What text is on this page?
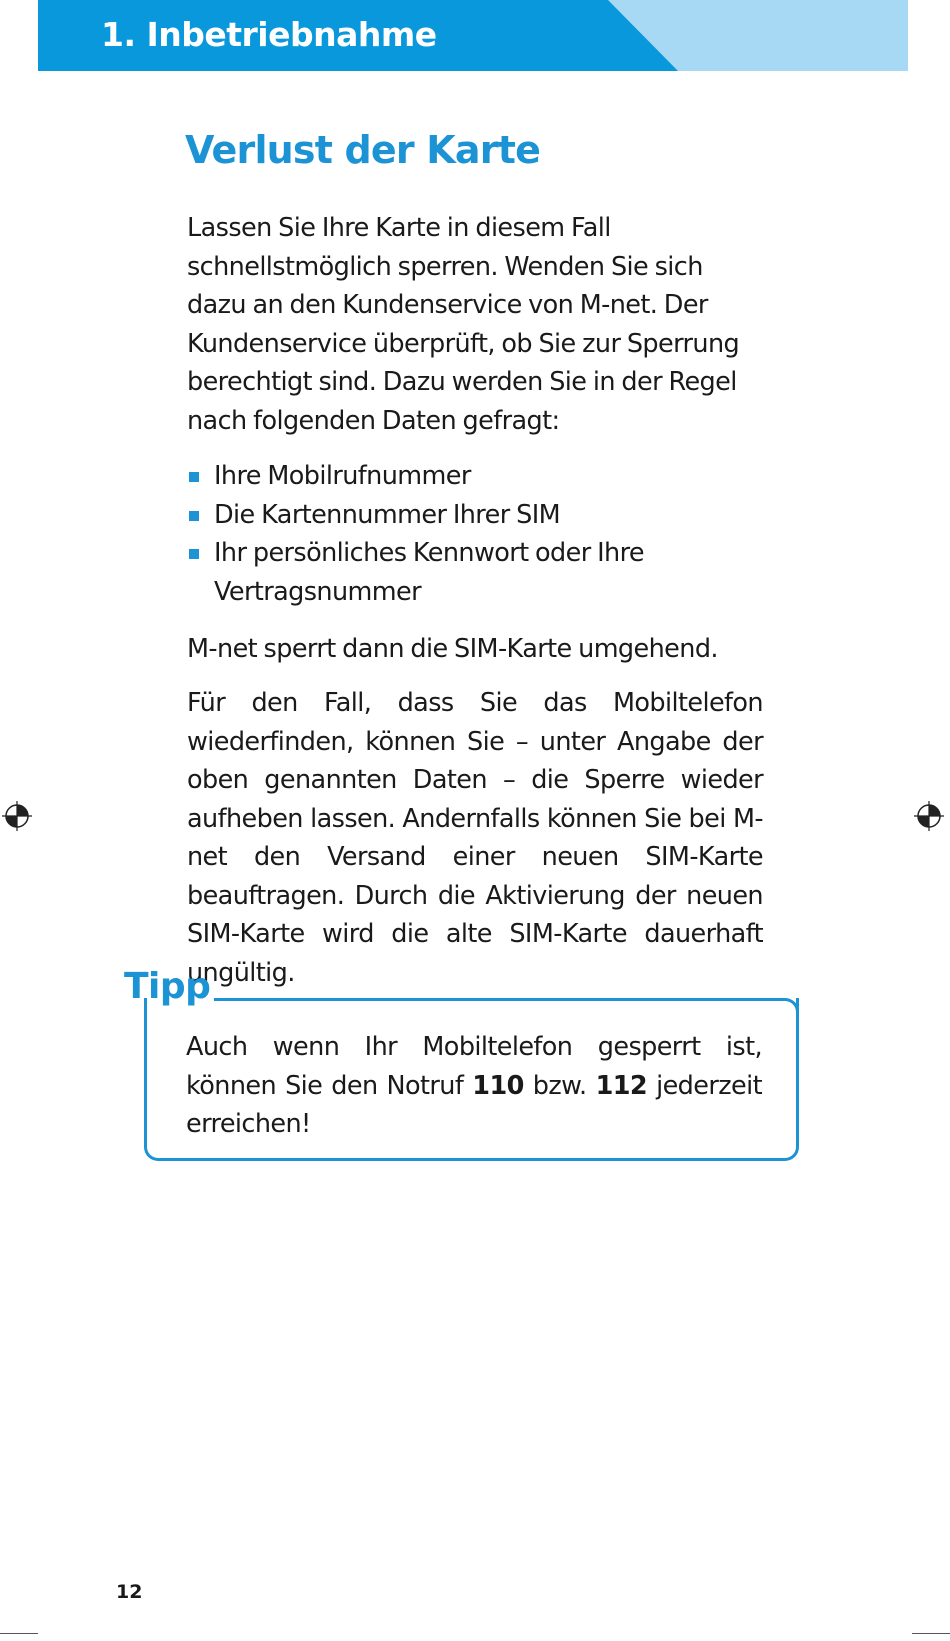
1. Inbetriebnahme
Verlust der Karte

Lassen Sie Ihre Karte in diesem Fall schnellstmöglich sperren. Wenden Sie sich dazu an den Kundenservice von M-net. Der Kundenservice überprüft, ob Sie zur Sperrung berechtigt sind. Dazu werden Sie in der Regel nach folgenden Daten gefragt:

Ihre Mobilrufnummer
Die Kartennummer Ihrer SIM
Ihr persönliches Kennwort oder Ihre Vertragsnummer

M-net sperrt dann die SIM-Karte umgehend.

Für den Fall, dass Sie das Mobiltelefon wiederfinden, können Sie – unter Angabe der oben genannten Daten – die Sperre wieder aufheben lassen. Andernfalls können Sie bei M-net den Versand einer neuen SIM-Karte beauftragen. Durch die Aktivierung der neuen SIM-Karte wird die alte SIM-Karte dauerhaft ungültig.

Tipp

Auch wenn Ihr Mobiltelefon gesperrt ist, können Sie den Notruf 110 bzw. 112 jederzeit erreichen!

12
